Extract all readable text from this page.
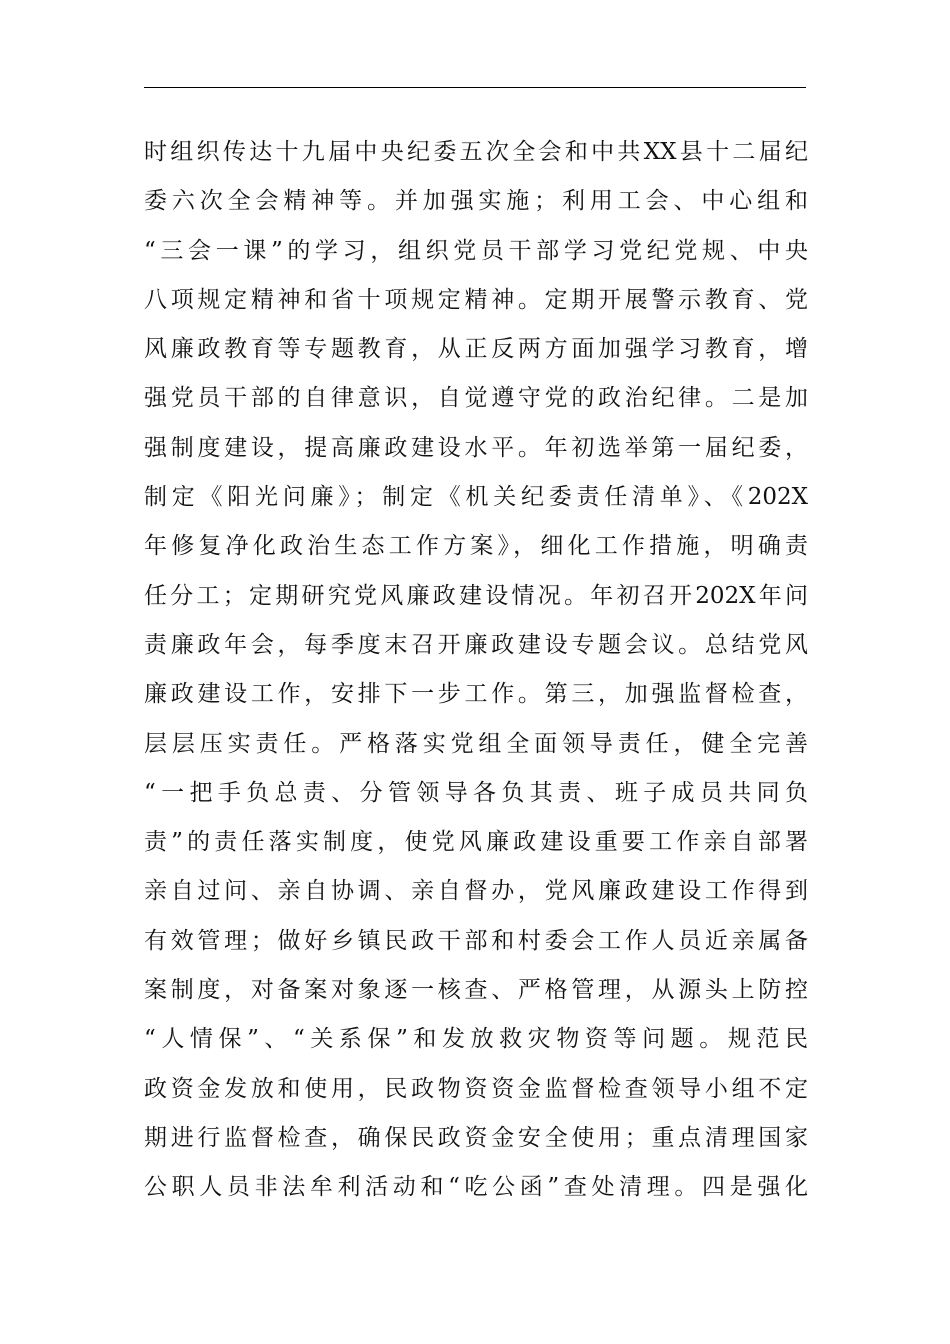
时组织传达十九届中央纪委五次全会和中共XX县十二届纪
委六次全会精神等。并加强实施；利用工会、中心组和
“三会一课”的学习，组织党员干部学习党纪党规、中央
八项规定精神和省十项规定精神。定期开展警示教育、党
风廉政教育等专题教育，从正反两方面加强学习教育，增
强党员干部的自律意识，自觉遵守党的政治纪律。二是加
强制度建设，提高廉政建设水平。年初选举第一届纪委，
制定《阳光问廉》；制定《机关纪委责任清单》、《202X
年修复净化政治生态工作方案》，细化工作措施，明确责
任分工；定期研究党风廉政建设情况。年初召开202X年问
责廉政年会，每季度末召开廉政建设专题会议。总结党风
廉政建设工作，安排下一步工作。第三，加强监督检查，
层层压实责任。严格落实党组全面领导责任，健全完善
“一把手负总责、分管领导各负其责、班子成员共同负
责”的责任落实制度，使党风廉政建设重要工作亲自部署
亲自过问、亲自协调、亲自督办，党风廉政建设工作得到
有效管理；做好乡镇民政干部和村委会工作人员近亲属备
案制度，对备案对象逐一核查、严格管理，从源头上防控
“人情保”、“关系保”和发放救灾物资等问题。规范民
政资金发放和使用，民政物资资金监督检查领导小组不定
期进行监督检查，确保民政资金安全使用；重点清理国家
公职人员非法牟利活动和“吃公函”查处清理。四是强化
